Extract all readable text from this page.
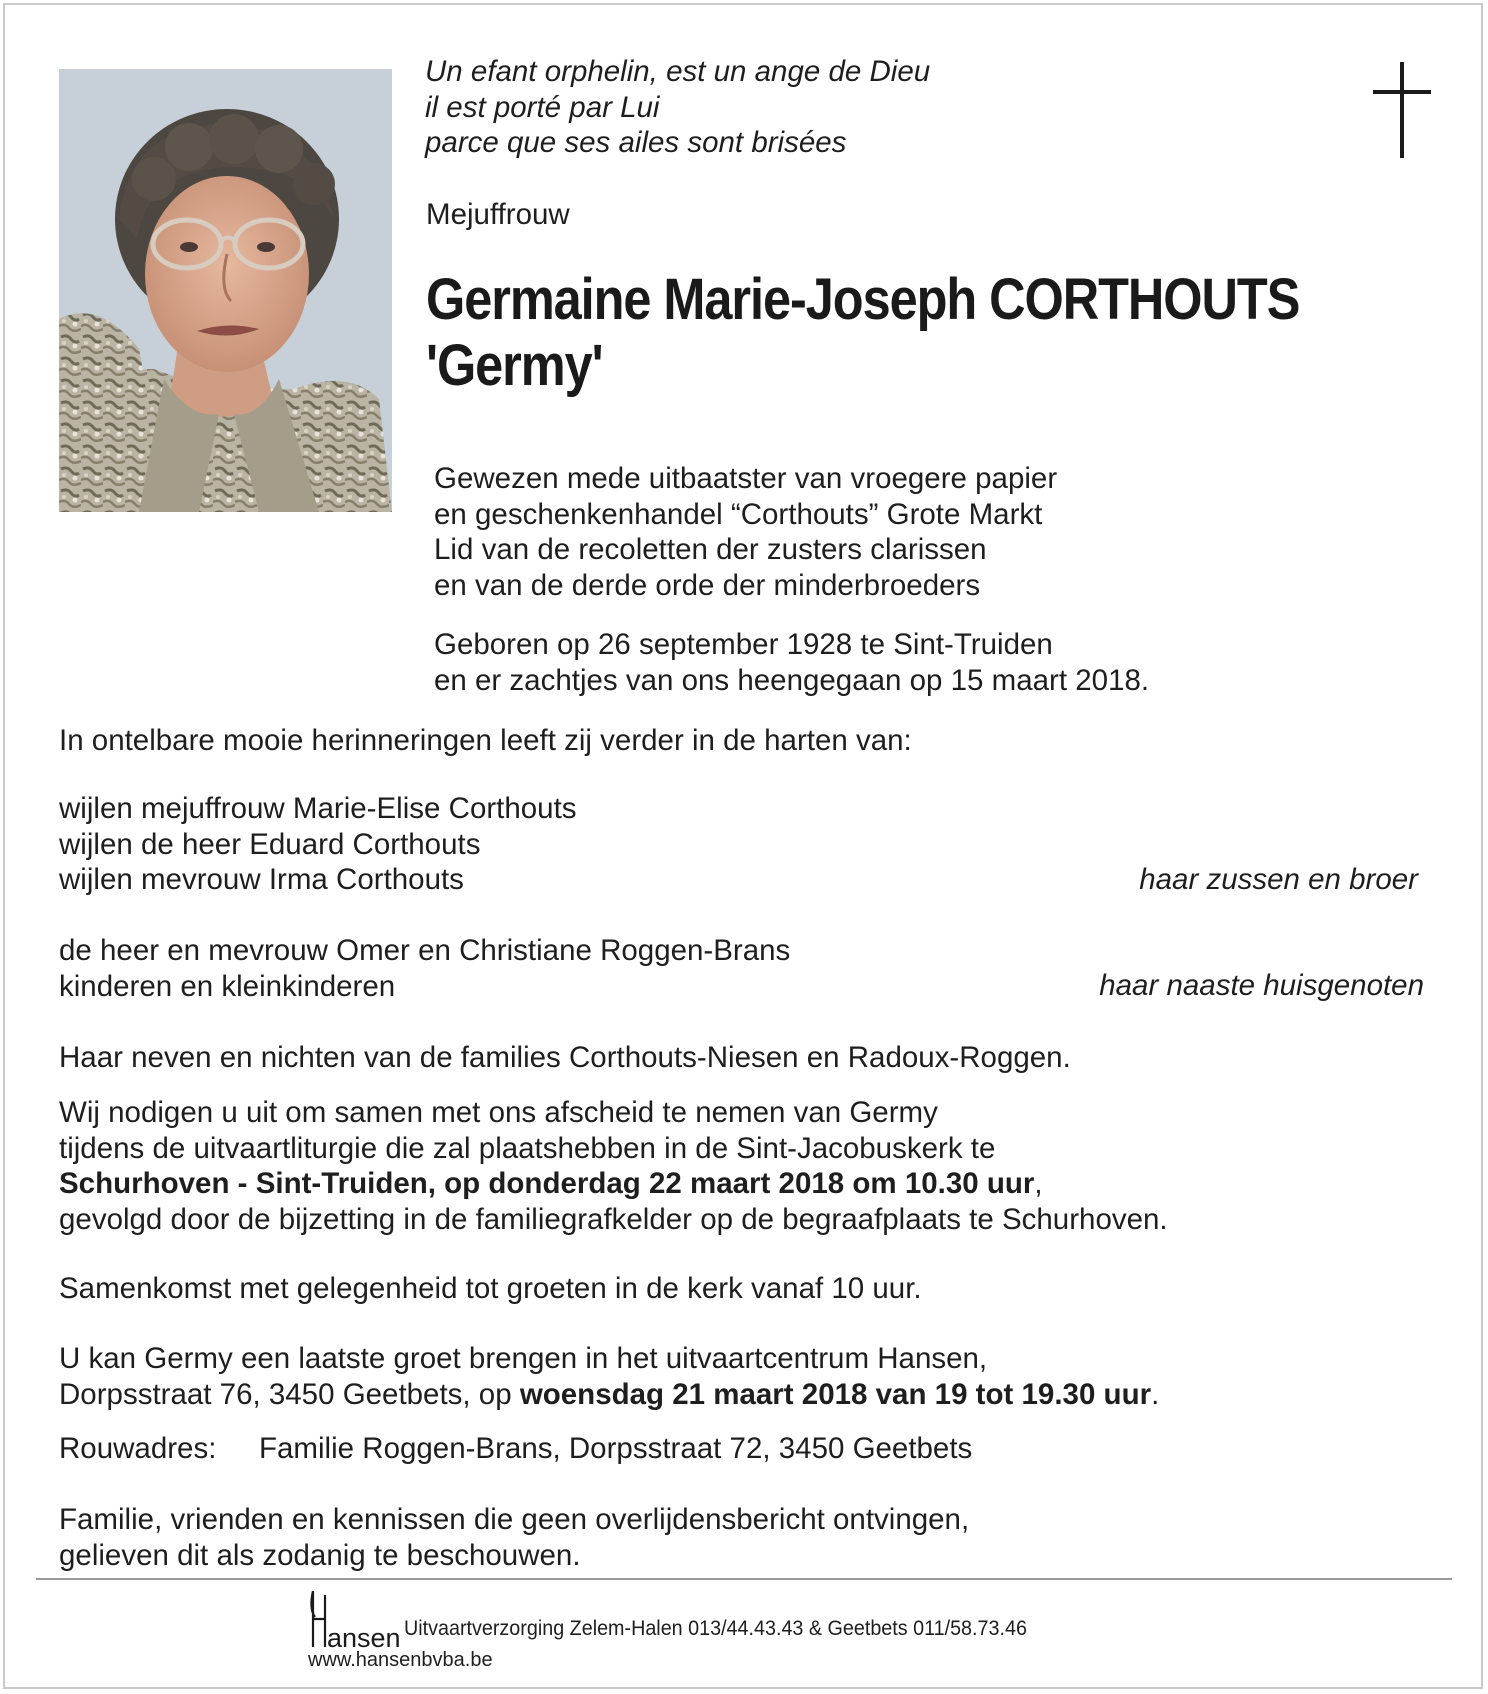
Un efant orphelin, est un ange de Dieu
il est porté par Lui
parce que ses ailes sont brisées
Mejuffrouw
Germaine Marie-Joseph CORTHOUTS
'Germy'
Gewezen mede uitbaatster van vroegere papier
en geschenkenhandel “Corthouts” Grote Markt
Lid van de recoletten der zusters clarissen
en van de derde orde der minderbroeders
Geboren op 26 september 1928 te Sint-Truiden
en er zachtjes van ons heengegaan op 15 maart 2018.
In ontelbare mooie herinneringen leeft zij verder in de harten van:
wijlen mejuffrouw Marie-Elise Corthouts
wijlen de heer Eduard Corthouts
wijlen mevrouw Irma Corthouts	haar zussen en broer
de heer en mevrouw Omer en Christiane Roggen-Brans
kinderen en kleinkinderen	haar naaste huisgenoten
Haar neven en nichten van de families Corthouts-Niesen en Radoux-Roggen.
Wij nodigen u uit om samen met ons afscheid te nemen van Germy
tijdens de uitvaartliturgie die zal plaatshebben in de Sint-Jacobuskerk te
Schurhoven - Sint-Truiden, op donderdag 22 maart 2018 om 10.30 uur,
gevolgd door de bijzetting in de familiegrafkelder op de begraafplaats te Schurhoven.
Samenkomst met gelegenheid tot groeten in de kerk vanaf 10 uur.
U kan Germy een laatste groet brengen in het uitvaartcentrum Hansen,
Dorpsstraat 76, 3450 Geetbets, op woensdag 21 maart 2018 van 19 tot 19.30 uur.
Rouwadres: Familie Roggen-Brans, Dorpsstraat 72, 3450 Geetbets
Familie, vrienden en kennissen die geen overlijdensbericht ontvingen,
gelieven dit als zodanig te beschouwen.
H
ansen Uitvaartverzorging Zelem-Halen 013/44.43.43 & Geetbets 011/58.73.46
www.hansenbvba.be
